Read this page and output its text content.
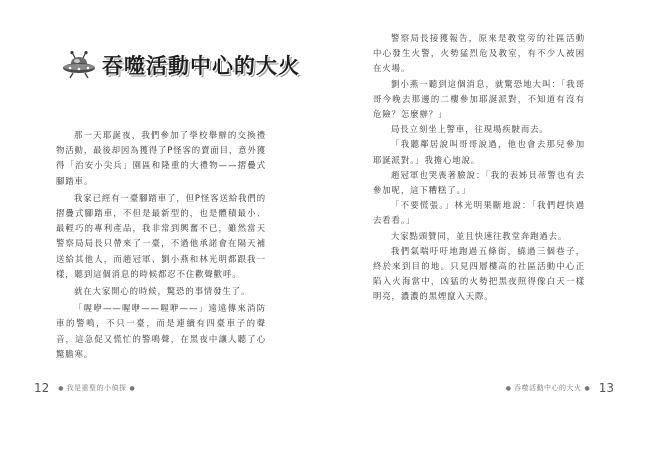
吞噬活動中心的大火

那一天耶誕夜，我們參加了學校舉辦的交換禮物活動，最後却因為獲得了P怪客的賣面目，意外獲得「治安小尖兵」園區和隆重的大禮物——摺疊式腳踏車。

我家已經有一臺腳踏車了，但P怪客送給我們的摺疊式腳踏車，不但是最新型的，也是體積最小、最輕巧的專利產品，我非常到興奮不已，雖然當天警察局局長只帶來了一臺，不過他承諾會在隔天補送給其他人，而趙冠軍、劉小燕和林光明都跟我一樣，聽到這個消息的時候都忍不住歡聲歡呼。

就在大家開心的時候，驚恐的事情發生了。

「喔咿——喔咿——喔咿——」遠遠傳來消防車的警鳴，不只一臺，而是連續有四臺車子的聲音，這急促又慌忙的警鳴聲，在黑夜中讓人聽了心驚膽寒。

12 ● 我是重聖的小偵探 ●

警察局長接獲報告，原來是教堂旁的社區活動中心發生火警，火勢猛烈危及教室，有不少人被困在火場。

劉小燕一聽到這個消息，就驚恐地大叫：「我哥哥今晚去那邊的二樓參加耶誕派對，不知道有沒有危險？怎麼辦？」

局長立刻坐上警車，往現場疾駛而去。

「我聽鄰居說叫哥哥說過，他也會去那兒參加耶誕派對。」我擔心地說。

趙冠軍也哭喪著臉說：「我的表姊貝蒂警也有去參加呢，這下糟糕了。」

「不要慌張。」林光明果斷地說：「我們趕快過去看看。」

大家點頭贊同，並且快速往教堂奔跑過去。

我們氣喘吁吁地跑過五條街，繞過三個巷子，終於來到目的地。只見四層樓高的社區活動中心正陷入火海當中，凶猛的火勢把黑夜照得像白天一樣明亮，濃濃的黑煙竄入天際。

● 吞噬活動中心的大火 ● 13
